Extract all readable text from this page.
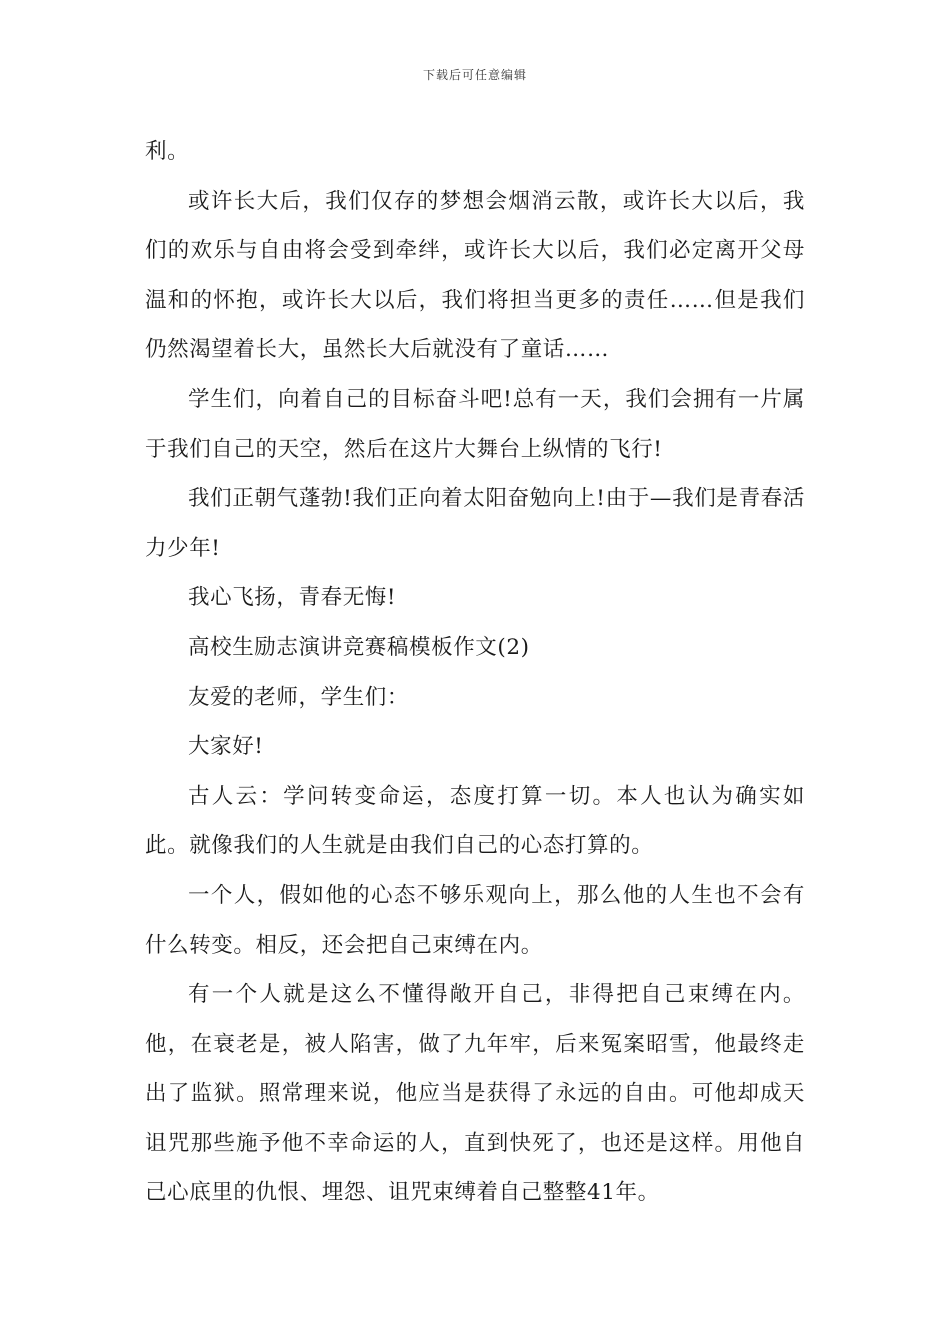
下载后可任意编辑

利。

或许长大后，我们仅存的梦想会烟消云散，或许长大以后，我们的欢乐与自由将会受到牵绊，或许长大以后，我们必定离开父母温和的怀抱，或许长大以后，我们将担当更多的责任……但是我们仍然渴望着长大，虽然长大后就没有了童话……

学生们，向着自己的目标奋斗吧!总有一天，我们会拥有一片属于我们自己的天空，然后在这片大舞台上纵情的飞行!

我们正朝气蓬勃!我们正向着太阳奋勉向上!由于—我们是青春活力少年!

我心飞扬，青春无悔!

高校生励志演讲竞赛稿模板作文(2)

友爱的老师，学生们：

大家好!

古人云：学问转变命运，态度打算一切。本人也认为确实如此。就像我们的人生就是由我们自己的心态打算的。

一个人，假如他的心态不够乐观向上，那么他的人生也不会有什么转变。相反，还会把自己束缚在内。

有一个人就是这么不懂得敞开自己，非得把自己束缚在内。他，在衰老是，被人陷害，做了九年牢，后来冤案昭雪，他最终走出了监狱。照常理来说，他应当是获得了永远的自由。可他却成天诅咒那些施予他不幸命运的人，直到快死了，也还是这样。用他自己心底里的仇恨、埋怨、诅咒束缚着自己整整41年。
